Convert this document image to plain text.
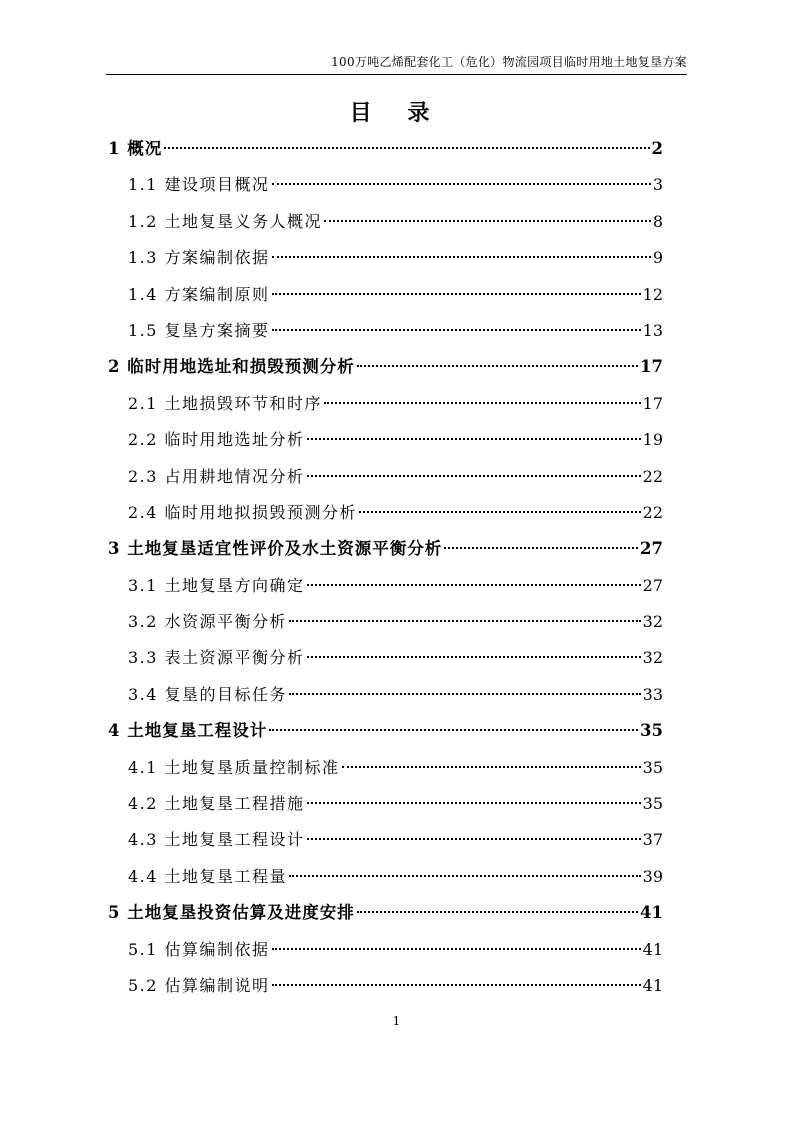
100万吨乙烯配套化工（危化）物流园项目临时用地土地复垦方案
目 录
1 概况	2
1.1 建设项目概况	3
1.2 土地复垦义务人概况	8
1.3 方案编制依据	9
1.4 方案编制原则	12
1.5 复垦方案摘要	13
2 临时用地选址和损毁预测分析	17
2.1 土地损毁环节和时序	17
2.2 临时用地选址分析	19
2.3 占用耕地情况分析	22
2.4 临时用地拟损毁预测分析	22
3 土地复垦适宜性评价及水土资源平衡分析	27
3.1 土地复垦方向确定	27
3.2 水资源平衡分析	32
3.3 表土资源平衡分析	32
3.4 复垦的目标任务	33
4 土地复垦工程设计	35
4.1 土地复垦质量控制标准	35
4.2 土地复垦工程措施	35
4.3 土地复垦工程设计	37
4.4 土地复垦工程量	39
5 土地复垦投资估算及进度安排	41
5.1 估算编制依据	41
5.2 估算编制说明	41
1
